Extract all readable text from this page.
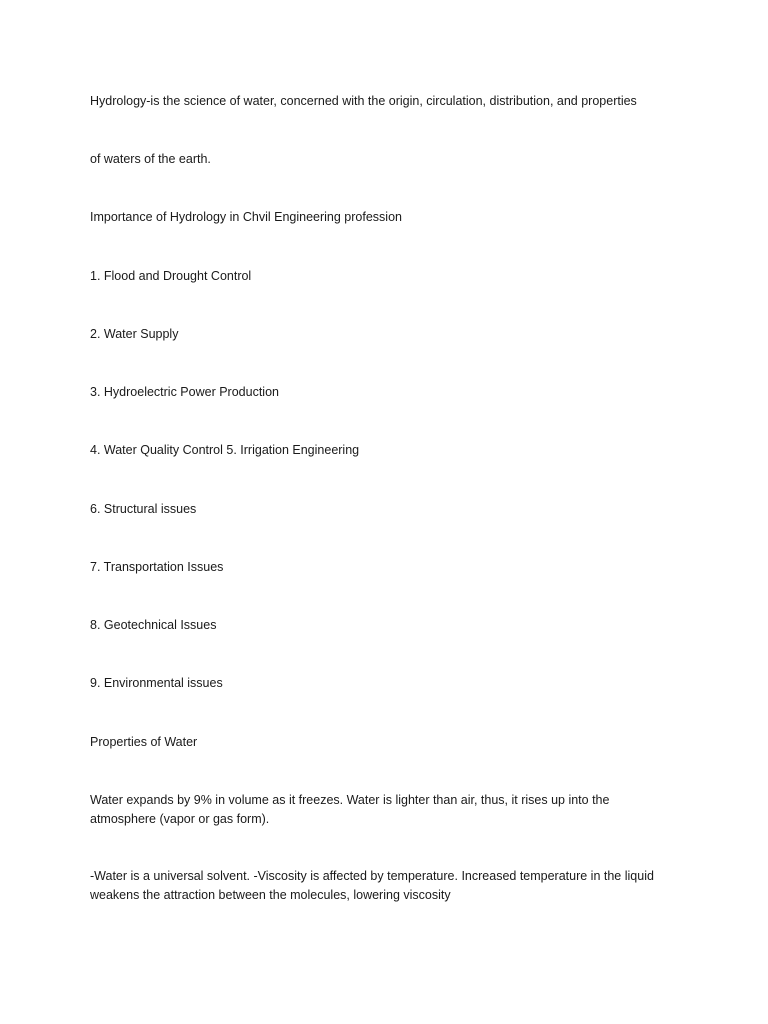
Hydrology-is the science of water, concerned with the origin, circulation, distribution, and properties

of waters of the earth.

Importance of Hydrology in Chvil Engineering profession

1. Flood and Drought Control

2. Water Supply

3. Hydroelectric Power Production

4. Water Quality Control 5. Irrigation Engineering

6. Structural issues

7. Transportation Issues

8. Geotechnical Issues

9. Environmental issues

Properties of Water

Water expands by 9% in volume as it freezes. Water is lighter than air, thus, it rises up into the atmosphere (vapor or gas form).

-Water is a universal solvent. -Viscosity is affected by temperature. Increased temperature in the liquid weakens the attraction between the molecules, lowering viscosity
